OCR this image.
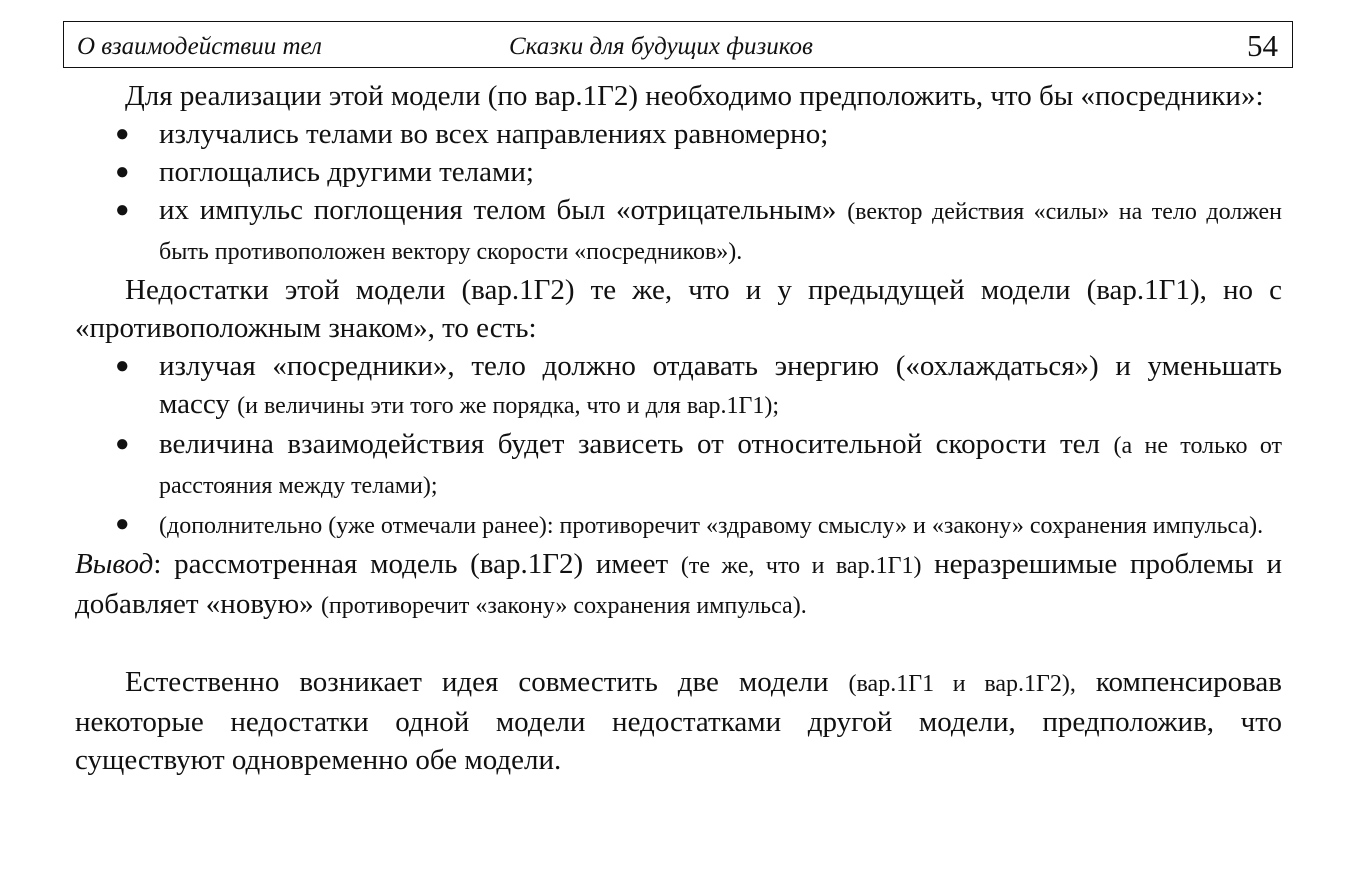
О взаимодействии тел	Сказки для будущих физиков	54

Для реализации этой модели (по вар.1Г2) необходимо предположить, что бы «посредники»:

● излучались телами во всех направлениях равномерно;
● поглощались другими телами;
● их импульс поглощения телом был «отрицательным» (вектор действия «силы» на тело должен быть противоположен вектору скорости «посредников»).

Недостатки этой модели (вар.1Г2) те же, что и у предыдущей модели (вар.1Г1), но с «противоположным знаком», то есть:

● излучая «посредники», тело должно отдавать энергию («охлаждаться») и уменьшать массу (и величины эти того же порядка, что и для вар.1Г1);
● величина взаимодействия будет зависеть от относительной скорости тел (а не только от расстояния между телами);
● (дополнительно (уже отмечали ранее): противоречит «здравому смыслу» и «закону» сохранения импульса).

Вывод: рассмотренная модель (вар.1Г2) имеет (те же, что и вар.1Г1) неразрешимые проблемы и добавляет «новую» (противоречит «закону» сохранения импульса).

Естественно возникает идея совместить две модели (вар.1Г1 и вар.1Г2), компенсировав некоторые недостатки одной модели недостатками другой модели, предположив, что существуют одновременно обе модели.
